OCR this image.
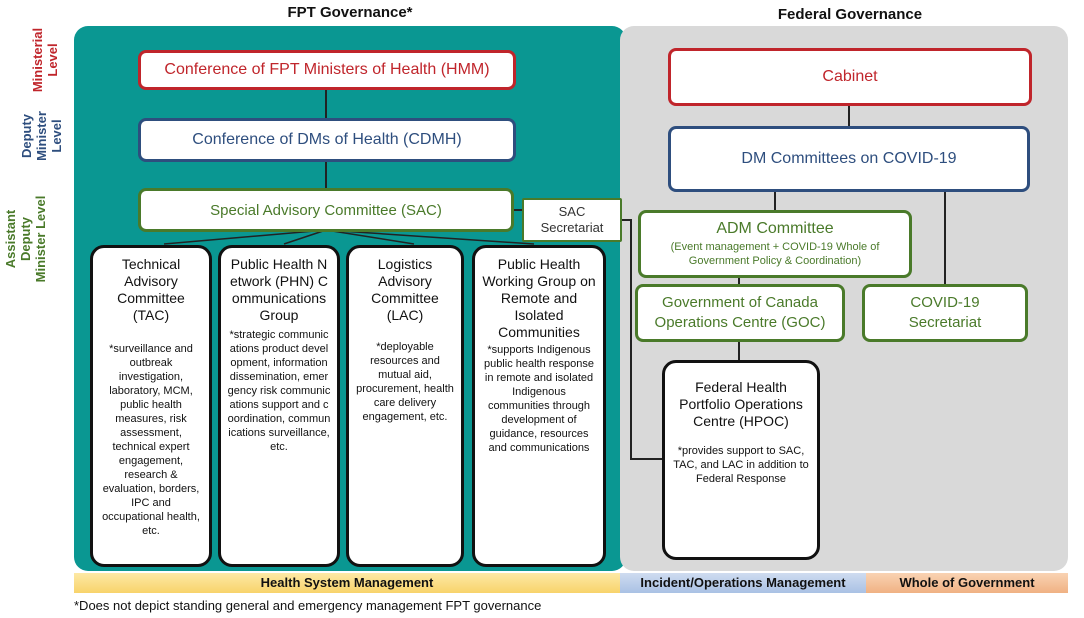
FPT Governance*	Federal Governance
Ministerial Level
Deputy Minister Level
Assistant Deputy Minister Level
Conference of FPT Ministers of Health (HMM)
Conference of DMs of Health (CDMH)
Special Advisory Committee (SAC)	SAC Secretariat
Technical Advisory Committee (TAC)
*surveillance and outbreak investigation, laboratory, MCM, public health measures, risk assessment, technical expert engagement, research & evaluation, borders, IPC and occupational health, etc.
Public Health Network (PHN) Communications Group
*strategic communications product development, information dissemination, emergency risk communications support and coordination, communications surveillance, etc.
Logistics Advisory Committee (LAC)
*deployable resources and mutual aid, procurement, health care delivery engagement, etc.
Public Health Working Group on Remote and Isolated Communities
*supports Indigenous public health response in remote and isolated Indigenous communities through development of guidance, resources and communications
Cabinet
DM Committees on COVID-19
ADM Committee
(Event management + COVID-19 Whole of Government Policy & Coordination)
Government of Canada Operations Centre (GOC)
COVID-19 Secretariat
Federal Health Portfolio Operations Centre (HPOC)
*provides support to SAC, TAC, and LAC in addition to Federal Response
Health System Management	Incident/Operations Management	Whole of Government
*Does not depict standing general and emergency management FPT governance
